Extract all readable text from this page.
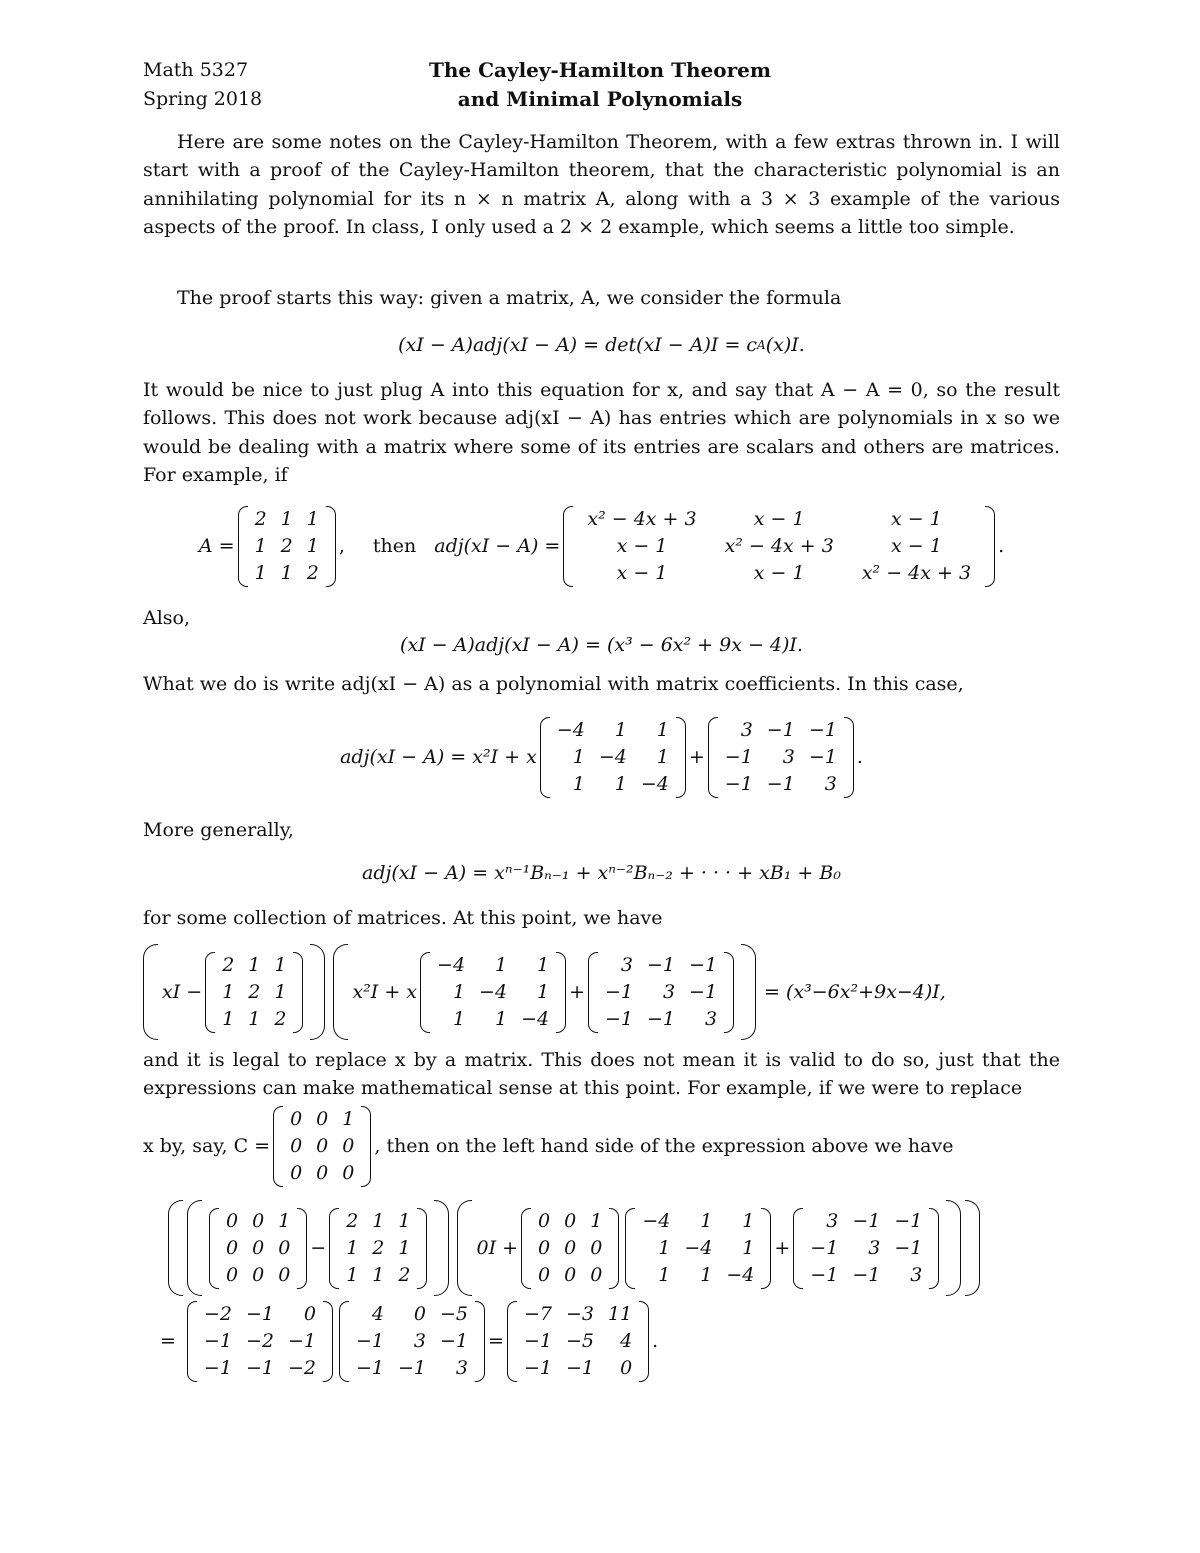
Math 5327
Spring 2018
The Cayley-Hamilton Theorem
and Minimal Polynomials

Here are some notes on the Cayley-Hamilton Theorem, with a few extras thrown in. I will start with a proof of the Cayley-Hamilton theorem, that the characteristic polynomial is an annihilating polynomial for its n × n matrix A, along with a 3 × 3 example of the various aspects of the proof. In class, I only used a 2 × 2 example, which seems a little too simple.

The proof starts this way: given a matrix, A, we consider the formula

(xI − A)adj(xI − A) = det(xI − A)I = c A (x)I.

It would be nice to just plug A into this equation for x, and say that A − A = 0, so the result follows. This does not work because adj(xI − A) has entries which are polynomials in x so we would be dealing with a matrix where some of its entries are scalars and others are matrices. For example, if

A =
2	1	1
1	2	1
1	1	2
, then adj(xI − A) =
x² − 4x + 3	x − 1	x − 1
x − 1	x² − 4x + 3	x − 1
x − 1	x − 1	x² − 4x + 3
.
Also,
(xI − A)adj(xI − A) = (x³ − 6x² + 9x − 4)I.
What we do is write adj(xI − A) as a polynomial with matrix coefficients. In this case,
adj(xI − A) = x²I + x
−4	1	1
1	−4	1
1	1	−4
+
3	−1	−1
−1	3	−1
−1	−1	3
.
More generally,
adj(xI − A) = xⁿ⁻¹Bₙ₋₁ + xⁿ⁻²Bₙ₋₂ + · · · + xB₁ + B₀
for some collection of matrices. At this point, we have
xI −
2	1	1
1	2	1
1	1	2
x²I + x
−4	1	1
1	−4	1
1	1	−4
+
3	−1	−1
−1	3	−1
−1	−1	3
= (x³−6x²+9x−4)I,

and it is legal to replace x by a matrix. This does not mean it is valid to do so, just that the expressions can make mathematical sense at this point. For example, if we were to replace

x by, say, C =
0	0	1
0	0	0
0	0	0
, then on the left hand side of the expression above we have
0	0	1
0	0	0
0	0	0
−
2	1	1
1	2	1
1	1	2
0I +
0	0	1
0	0	0
0	0	0
−4	1	1
1	−4	1
1	1	−4
+
3	−1	−1
−1	3	−1
−1	−1	3
=
−2	−1	0
−1	−2	−1
−1	−1	−2
4	0	−5
−1	3	−1
−1	−1	3
=
−7	−3	11
−1	−5	4
−1	−1	0
.
